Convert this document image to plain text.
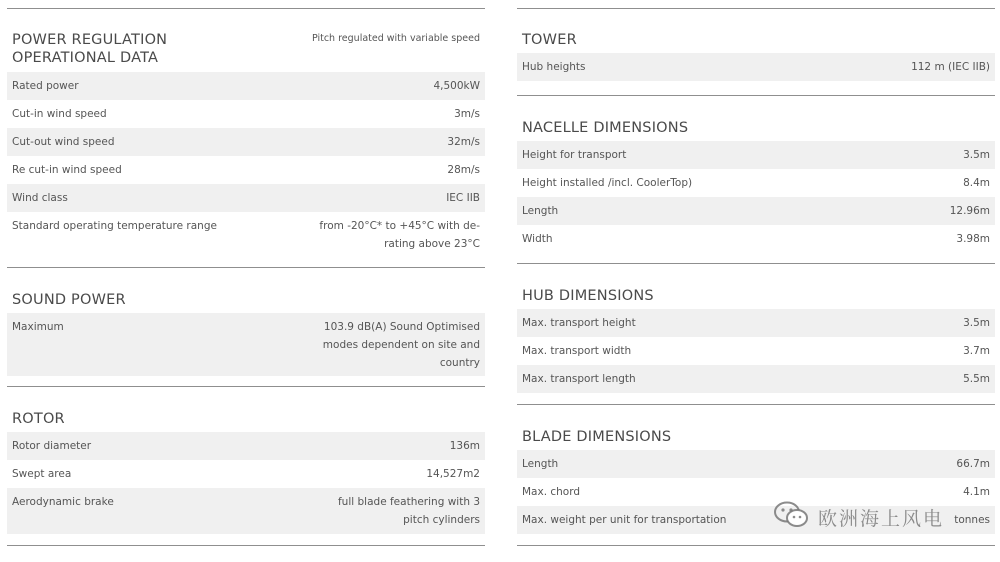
POWER REGULATION
OPERATIONAL DATA
Pitch regulated with variable speed
Rated power	4,500kW
Cut-in wind speed	3m/s
Cut-out wind speed	32m/s
Re cut-in wind speed	28m/s
Wind class	IEC IIB
Standard operating temperature range	from -20°C* to +45°C with de-
rating above 23°C
SOUND POWER
Maximum	103.9 dB(A) Sound Optimised
modes dependent on site and
country
ROTOR
Rotor diameter	136m
Swept area	14,527m2
Aerodynamic brake	full blade feathering with 3
pitch cylinders
TOWER
Hub heights	112 m (IEC IIB)
NACELLE DIMENSIONS
Height for transport	3.5m
Height installed /incl. CoolerTop)	8.4m
Length	12.96m
Width	3.98m
HUB DIMENSIONS
Max. transport height	3.5m
Max. transport width	3.7m
Max. transport length	5.5m
BLADE DIMENSIONS
Length	66.7m
Max. chord	4.1m
Max. weight per unit for transportation	tonnes
欧洲海上风电
